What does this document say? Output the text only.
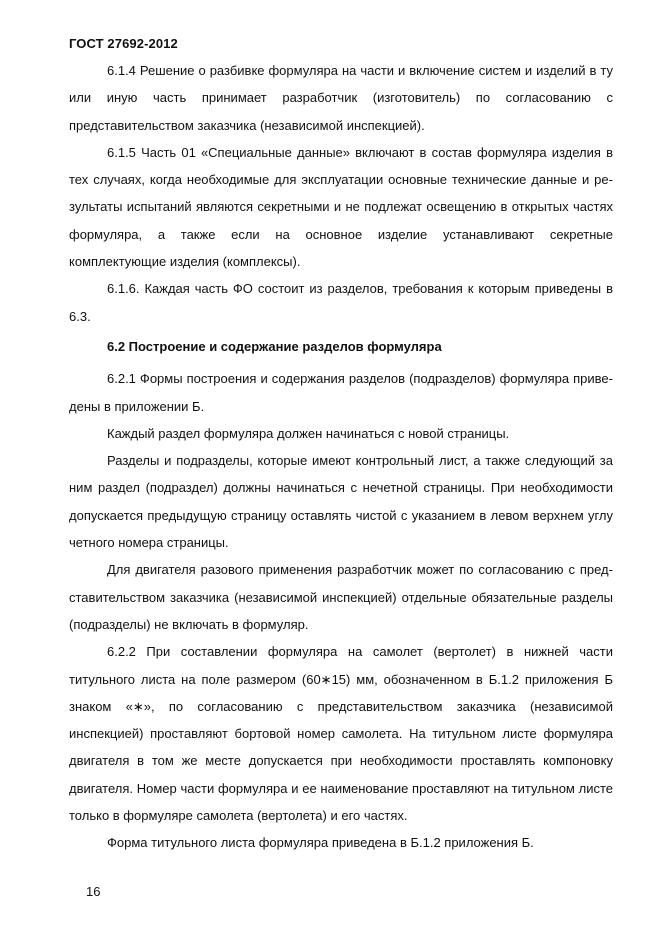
ГОСТ 27692-2012

6.1.4 Решение о разбивке формуляра на части и включение систем и изделий в ту или иную часть принимает разработчик (изготовитель) по согласованию с представительством заказчика (независимой инспекцией).

6.1.5 Часть 01 «Специальные данные» включают в состав формуляра изделия в тех случаях, когда необходимые для эксплуатации основные технические данные и результаты испытаний являются секретными и не подлежат освещению в открытых частях формуляра, а также если на основное изделие устанавливают секретные комплектующие изделия (комплексы).

6.1.6. Каждая часть ФО состоит из разделов, требования к которым приведены в 6.3.

6.2 Построение и содержание разделов формуляра

6.2.1 Формы построения и содержания разделов (подразделов) формуляра приведены в приложении Б.

Каждый раздел формуляра должен начинаться с новой страницы.

Разделы и подразделы, которые имеют контрольный лист, а также следующий за ним раздел (подраздел) должны начинаться с нечетной страницы. При необходимости допускается предыдущую страницу оставлять чистой с указанием в левом верхнем углу четного номера страницы.

Для двигателя разового применения разработчик может по согласованию с представительством заказчика (независимой инспекцией) отдельные обязательные разделы (подразделы) не включать в формуляр.

6.2.2 При составлении формуляра на самолет (вертолет) в нижней части титульного листа на поле размером (60∗15) мм, обозначенном в Б.1.2 приложения Б знаком «∗», по согласованию с представительством заказчика (независимой инспекцией) проставляют бортовой номер самолета. На титульном листе формуляра двигателя в том же месте допускается при необходимости проставлять компоновку двигателя. Номер части формуляра и ее наименование проставляют на титульном листе только в формуляре самолета (вертолета) и его частях.

Форма титульного листа формуляра приведена в Б.1.2 приложения Б.

16
